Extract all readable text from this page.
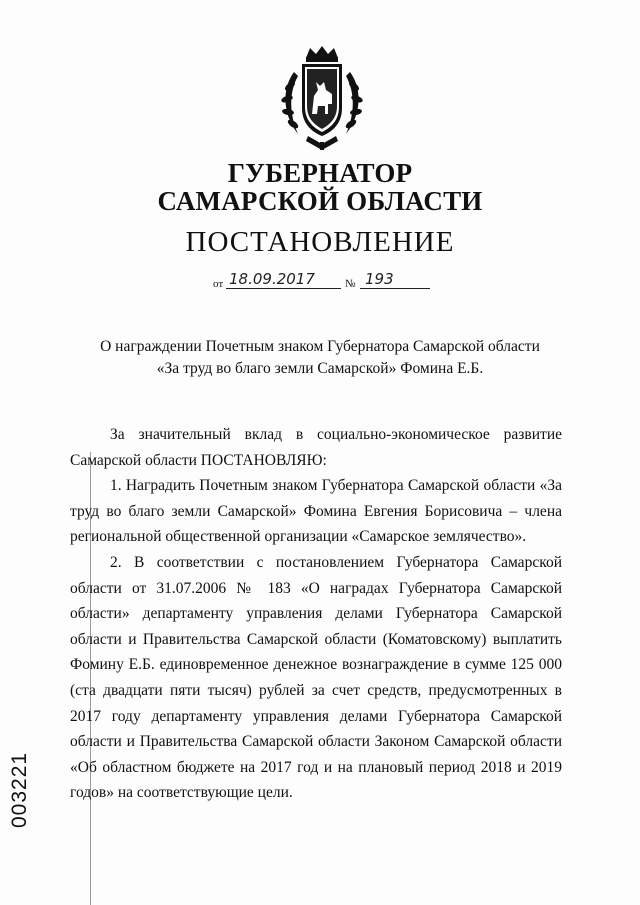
ГУБЕРНАТОР
САМАРСКОЙ ОБЛАСТИ
ПОСТАНОВЛЕНИЕ
от 18.09.2017	№ 193
О награждении Почетным знаком Губернатора Самарской области
«За труд во благо земли Самарской» Фомина Е.Б.

За значительный вклад в социально-экономическое развитие Самарской области ПОСТАНОВЛЯЮ:

1. Наградить Почетным знаком Губернатора Самарской области «За труд во благо земли Самарской» Фомина Евгения Борисовича – члена региональной общественной организации «Самарское землячество».

2. В соответствии с постановлением Губернатора Самарской области от 31.07.2006 № 183 «О наградах Губернатора Самарской области» департаменту управления делами Губернатора Самарской области и Правительства Самарской области (Коматовскому) выплатить Фомину Е.Б. единовременное денежное вознаграждение в сумме 125 000 (ста двадцати пяти тысяч) рублей за счет средств, предусмотренных в 2017 году департаменту управления делами Губернатора Самарской области и Правительства Самарской области Законом Самарской области «Об областном бюджете на 2017 год и на плановый период 2018 и 2019 годов» на соответствующие цели.

003221
